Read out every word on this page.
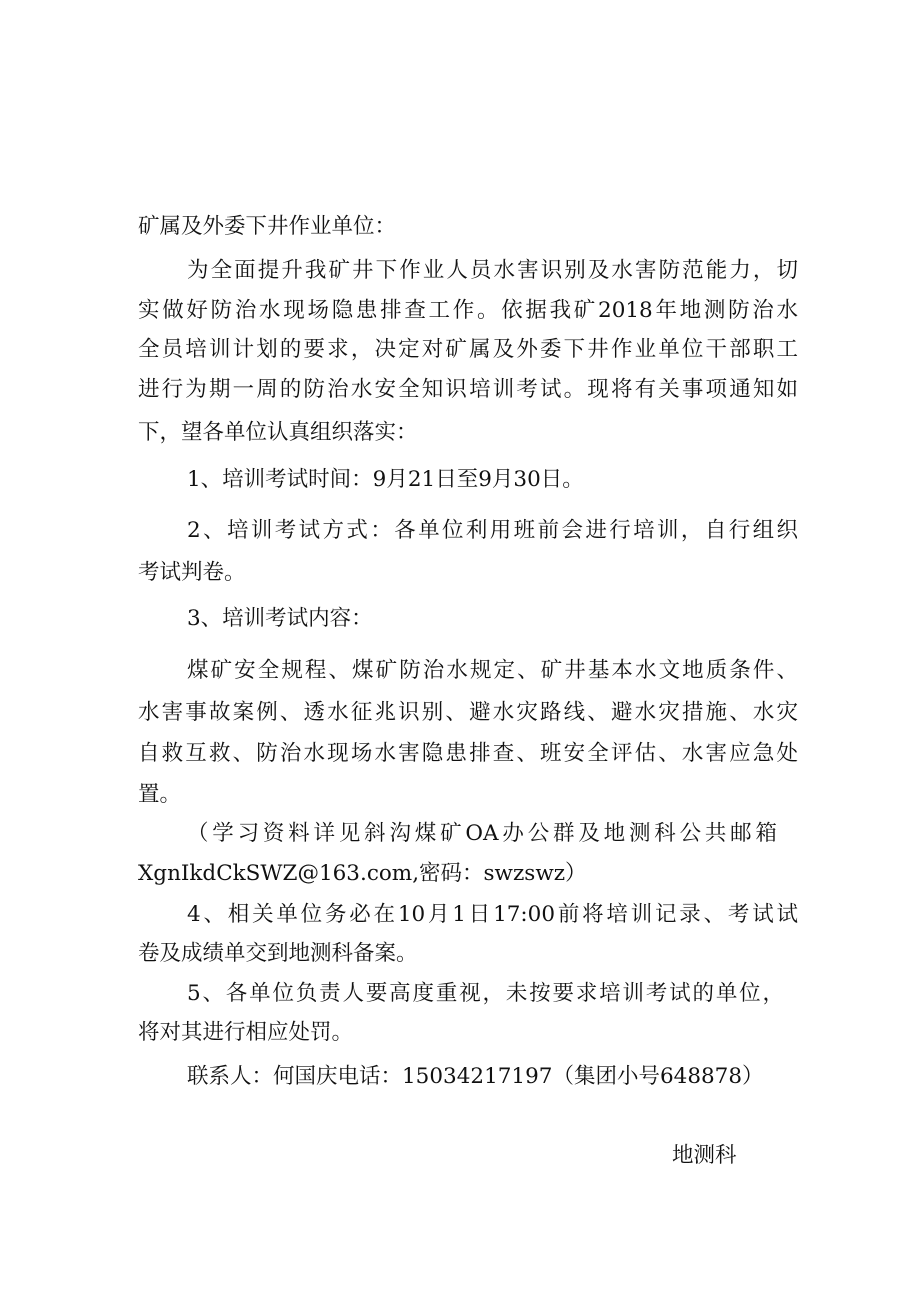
矿属及外委下井作业单位：
为全面提升我矿井下作业人员水害识别及水害防范能力，切
实做好防治水现场隐患排查工作。依据我矿2018年地测防治水
全员培训计划的要求，决定对矿属及外委下井作业单位干部职工
进行为期一周的防治水安全知识培训考试。现将有关事项通知如
下，望各单位认真组织落实：
1、培训考试时间：9月21日至9月30日。
2、培训考试方式：各单位利用班前会进行培训，自行组织
考试判卷。
3、培训考试内容：
煤矿安全规程、煤矿防治水规定、矿井基本水文地质条件、
水害事故案例、透水征兆识别、避水灾路线、避水灾措施、水灾
自救互救、防治水现场水害隐患排查、班安全评估、水害应急处
置。
（学习资料详见斜沟煤矿OA办公群及地测科公共邮箱
XgnIkdCkSWZ@163.com,密码：swzswz）
4、相关单位务必在10月1日17:00前将培训记录、考试试
卷及成绩单交到地测科备案。
5、各单位负责人要高度重视，未按要求培训考试的单位，
将对其进行相应处罚。
联系人：何国庆电话：15034217197（集团小号648878）
地测科
